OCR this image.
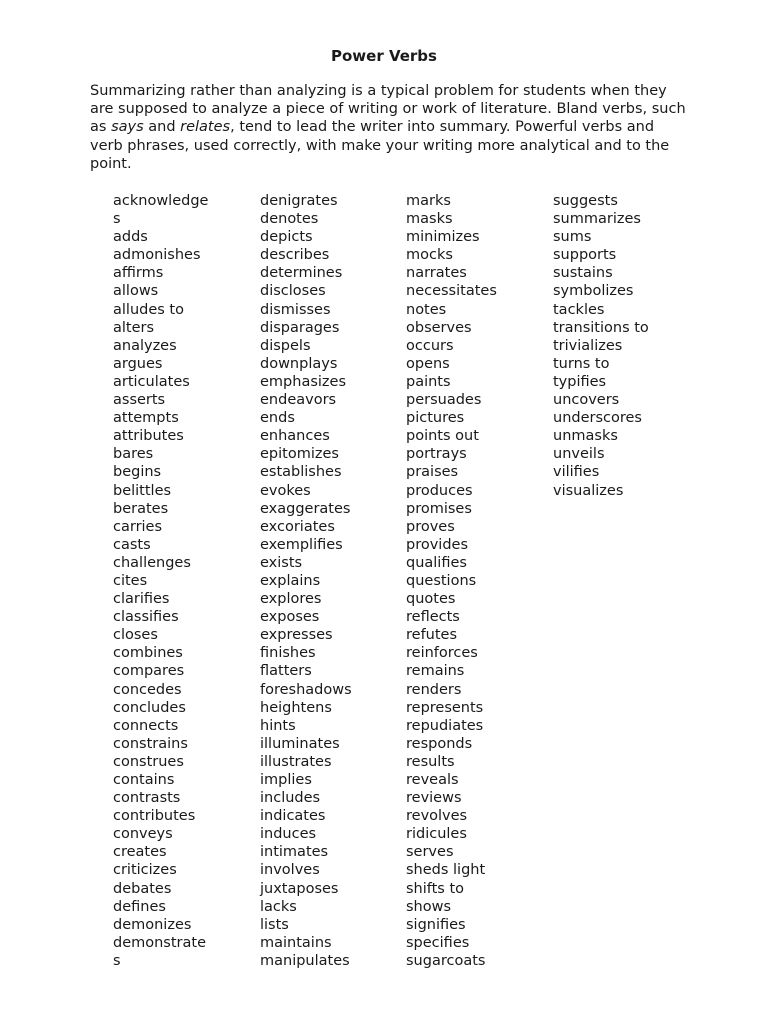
Power Verbs

Summarizing rather than analyzing is a typical problem for students when they are supposed to analyze a piece of writing or work of literature. Bland verbs, such as says and relates, tend to lead the writer into summary. Powerful verbs and verb phrases, used correctly, with make your writing more analytical and to the point.

acknowledge
s
adds
admonishes
affirms
allows
alludes to
alters
analyzes
argues
articulates
asserts
attempts
attributes
bares
begins
belittles
berates
carries
casts
challenges
cites
clarifies
classifies
closes
combines
compares
concedes
concludes
connects
constrains
construes
contains
contrasts
contributes
conveys
creates
criticizes
debates
defines
demonizes
demonstrate
s
denigrates
denotes
depicts
describes
determines
discloses
dismisses
disparages
dispels
downplays
emphasizes
endeavors
ends
enhances
epitomizes
establishes
evokes
exaggerates
excoriates
exemplifies
exists
explains
explores
exposes
expresses
finishes
flatters
foreshadows
heightens
hints
illuminates
illustrates
implies
includes
indicates
induces
intimates
involves
juxtaposes
lacks
lists
maintains
manipulates
marks
masks
minimizes
mocks
narrates
necessitates
notes
observes
occurs
opens
paints
persuades
pictures
points out
portrays
praises
produces
promises
proves
provides
qualifies
questions
quotes
reflects
refutes
reinforces
remains
renders
represents
repudiates
responds
results
reveals
reviews
revolves
ridicules
serves
sheds light
shifts to
shows
signifies
specifies
sugarcoats
suggests
summarizes
sums
supports
sustains
symbolizes
tackles
transitions to
trivializes
turns to
typifies
uncovers
underscores
unmasks
unveils
vilifies
visualizes
